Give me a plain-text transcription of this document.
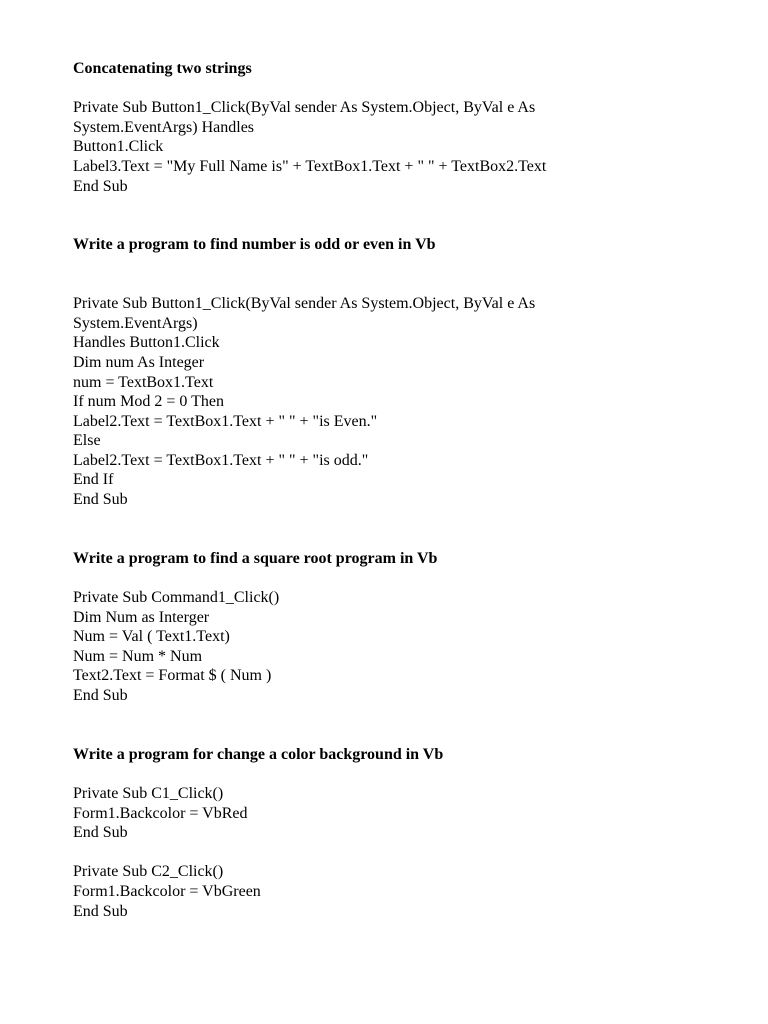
Concatenating two strings

Private Sub Button1_Click(ByVal sender As System.Object, ByVal e As

System.EventArgs) Handles

Button1.Click

Label3.Text = "My Full Name is" + TextBox1.Text + " " + TextBox2.Text

End Sub

Write a program to find number is odd or even in Vb

Private Sub Button1_Click(ByVal sender As System.Object, ByVal e As

System.EventArgs)

Handles Button1.Click

Dim num As Integer

num = TextBox1.Text

If num Mod 2 = 0 Then

Label2.Text = TextBox1.Text + " " + "is Even."

Else

Label2.Text = TextBox1.Text + " " + "is odd."

End If

End Sub

Write a program to find a square root program in Vb

Private Sub Command1_Click()

Dim Num as Interger

Num = Val ( Text1.Text)

Num = Num * Num

Text2.Text = Format $ ( Num )

End Sub

Write a program for change a color background in Vb

Private Sub C1_Click()

Form1.Backcolor = VbRed

End Sub

Private Sub C2_Click()

Form1.Backcolor = VbGreen

End Sub
